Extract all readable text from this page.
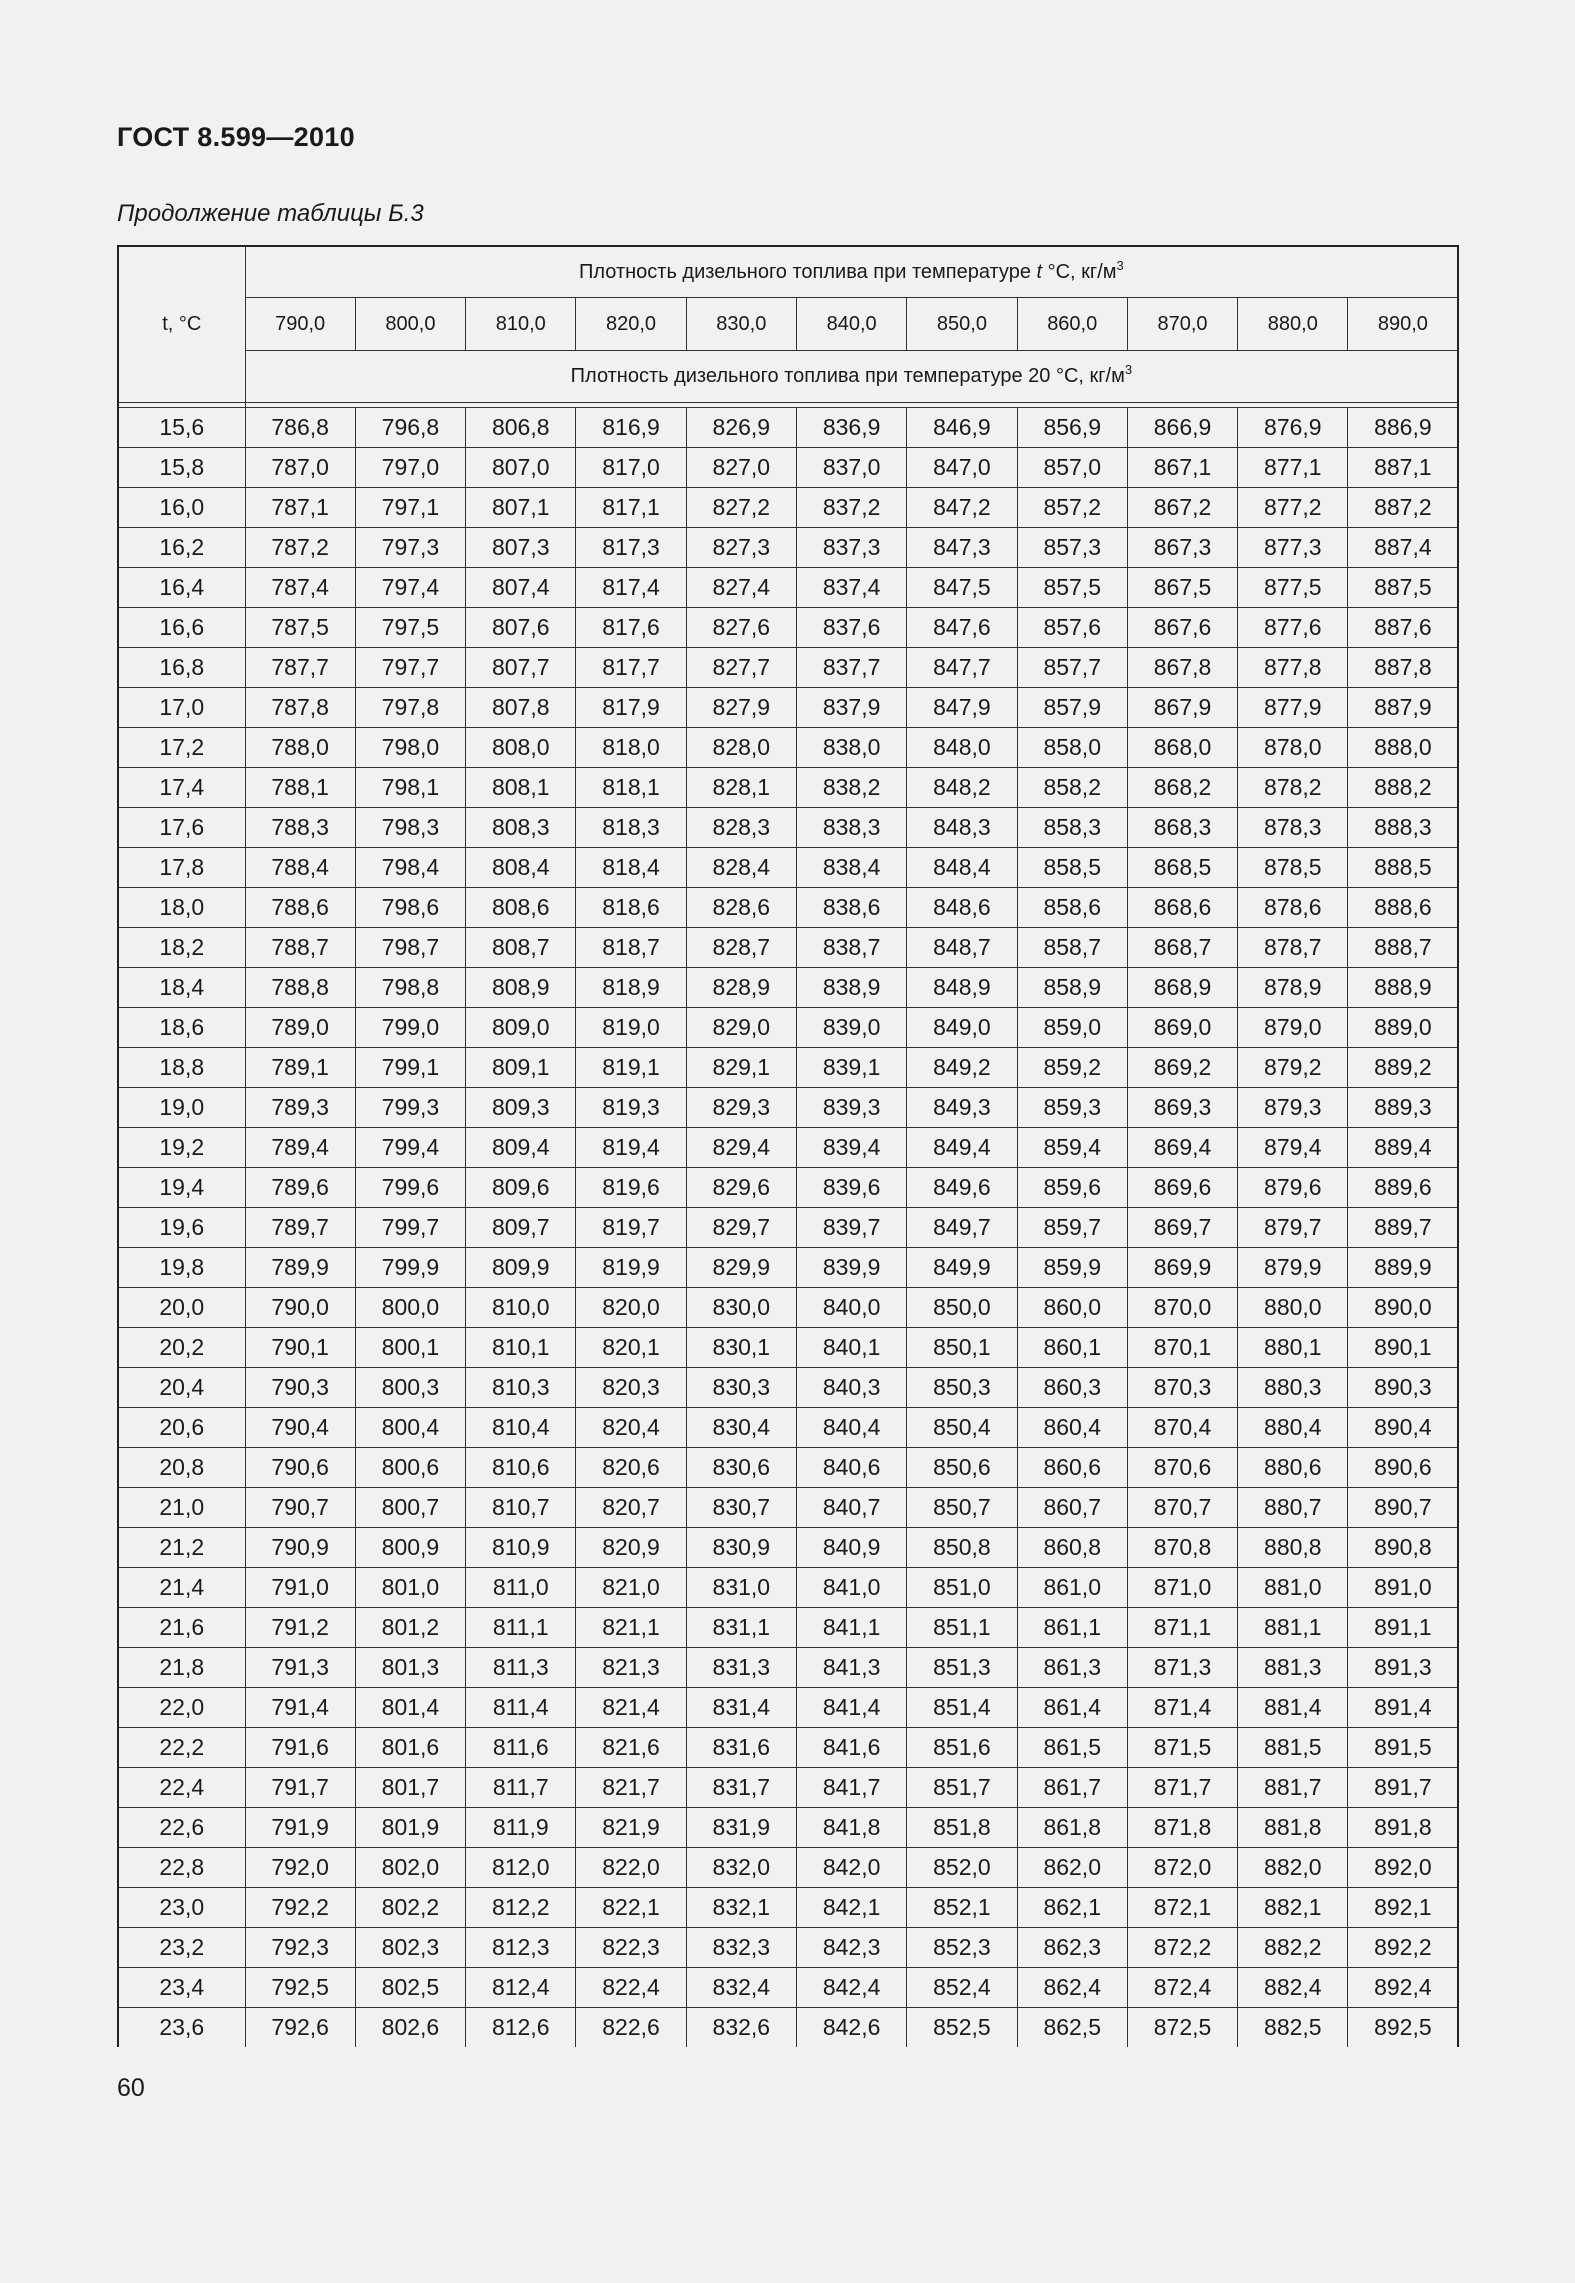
ГОСТ 8.599—2010
Продолжение таблицы Б.3
t, °С	Плотность дизельного топлива при температуре t °С, $кг/м^3$
	790,0	800,0	810,0	820,0	830,0	840,0	850,0	860,0	870,0	880,0	890,0
	Плотность дизельного топлива при температуре 20 °С, $кг/м^3$

15,6	786,8	796,8	806,8	816,9	826,9	836,9	846,9	856,9	866,9	876,9	886,9
15,8	787,0	797,0	807,0	817,0	827,0	837,0	847,0	857,0	867,1	877,1	887,1
16,0	787,1	797,1	807,1	817,1	827,2	837,2	847,2	857,2	867,2	877,2	887,2
16,2	787,2	797,3	807,3	817,3	827,3	837,3	847,3	857,3	867,3	877,3	887,4
16,4	787,4	797,4	807,4	817,4	827,4	837,4	847,5	857,5	867,5	877,5	887,5
16,6	787,5	797,5	807,6	817,6	827,6	837,6	847,6	857,6	867,6	877,6	887,6
16,8	787,7	797,7	807,7	817,7	827,7	837,7	847,7	857,7	867,8	877,8	887,8
17,0	787,8	797,8	807,8	817,9	827,9	837,9	847,9	857,9	867,9	877,9	887,9
17,2	788,0	798,0	808,0	818,0	828,0	838,0	848,0	858,0	868,0	878,0	888,0
17,4	788,1	798,1	808,1	818,1	828,1	838,2	848,2	858,2	868,2	878,2	888,2
17,6	788,3	798,3	808,3	818,3	828,3	838,3	848,3	858,3	868,3	878,3	888,3
17,8	788,4	798,4	808,4	818,4	828,4	838,4	848,4	858,5	868,5	878,5	888,5
18,0	788,6	798,6	808,6	818,6	828,6	838,6	848,6	858,6	868,6	878,6	888,6
18,2	788,7	798,7	808,7	818,7	828,7	838,7	848,7	858,7	868,7	878,7	888,7
18,4	788,8	798,8	808,9	818,9	828,9	838,9	848,9	858,9	868,9	878,9	888,9
18,6	789,0	799,0	809,0	819,0	829,0	839,0	849,0	859,0	869,0	879,0	889,0
18,8	789,1	799,1	809,1	819,1	829,1	839,1	849,2	859,2	869,2	879,2	889,2
19,0	789,3	799,3	809,3	819,3	829,3	839,3	849,3	859,3	869,3	879,3	889,3
19,2	789,4	799,4	809,4	819,4	829,4	839,4	849,4	859,4	869,4	879,4	889,4
19,4	789,6	799,6	809,6	819,6	829,6	839,6	849,6	859,6	869,6	879,6	889,6
19,6	789,7	799,7	809,7	819,7	829,7	839,7	849,7	859,7	869,7	879,7	889,7
19,8	789,9	799,9	809,9	819,9	829,9	839,9	849,9	859,9	869,9	879,9	889,9
20,0	790,0	800,0	810,0	820,0	830,0	840,0	850,0	860,0	870,0	880,0	890,0
20,2	790,1	800,1	810,1	820,1	830,1	840,1	850,1	860,1	870,1	880,1	890,1
20,4	790,3	800,3	810,3	820,3	830,3	840,3	850,3	860,3	870,3	880,3	890,3
20,6	790,4	800,4	810,4	820,4	830,4	840,4	850,4	860,4	870,4	880,4	890,4
20,8	790,6	800,6	810,6	820,6	830,6	840,6	850,6	860,6	870,6	880,6	890,6
21,0	790,7	800,7	810,7	820,7	830,7	840,7	850,7	860,7	870,7	880,7	890,7
21,2	790,9	800,9	810,9	820,9	830,9	840,9	850,8	860,8	870,8	880,8	890,8
21,4	791,0	801,0	811,0	821,0	831,0	841,0	851,0	861,0	871,0	881,0	891,0
21,6	791,2	801,2	811,1	821,1	831,1	841,1	851,1	861,1	871,1	881,1	891,1
21,8	791,3	801,3	811,3	821,3	831,3	841,3	851,3	861,3	871,3	881,3	891,3
22,0	791,4	801,4	811,4	821,4	831,4	841,4	851,4	861,4	871,4	881,4	891,4
22,2	791,6	801,6	811,6	821,6	831,6	841,6	851,6	861,5	871,5	881,5	891,5
22,4	791,7	801,7	811,7	821,7	831,7	841,7	851,7	861,7	871,7	881,7	891,7
22,6	791,9	801,9	811,9	821,9	831,9	841,8	851,8	861,8	871,8	881,8	891,8
22,8	792,0	802,0	812,0	822,0	832,0	842,0	852,0	862,0	872,0	882,0	892,0
23,0	792,2	802,2	812,2	822,1	832,1	842,1	852,1	862,1	872,1	882,1	892,1
23,2	792,3	802,3	812,3	822,3	832,3	842,3	852,3	862,3	872,2	882,2	892,2
23,4	792,5	802,5	812,4	822,4	832,4	842,4	852,4	862,4	872,4	882,4	892,4
23,6	792,6	802,6	812,6	822,6	832,6	842,6	852,5	862,5	872,5	882,5	892,5
60
